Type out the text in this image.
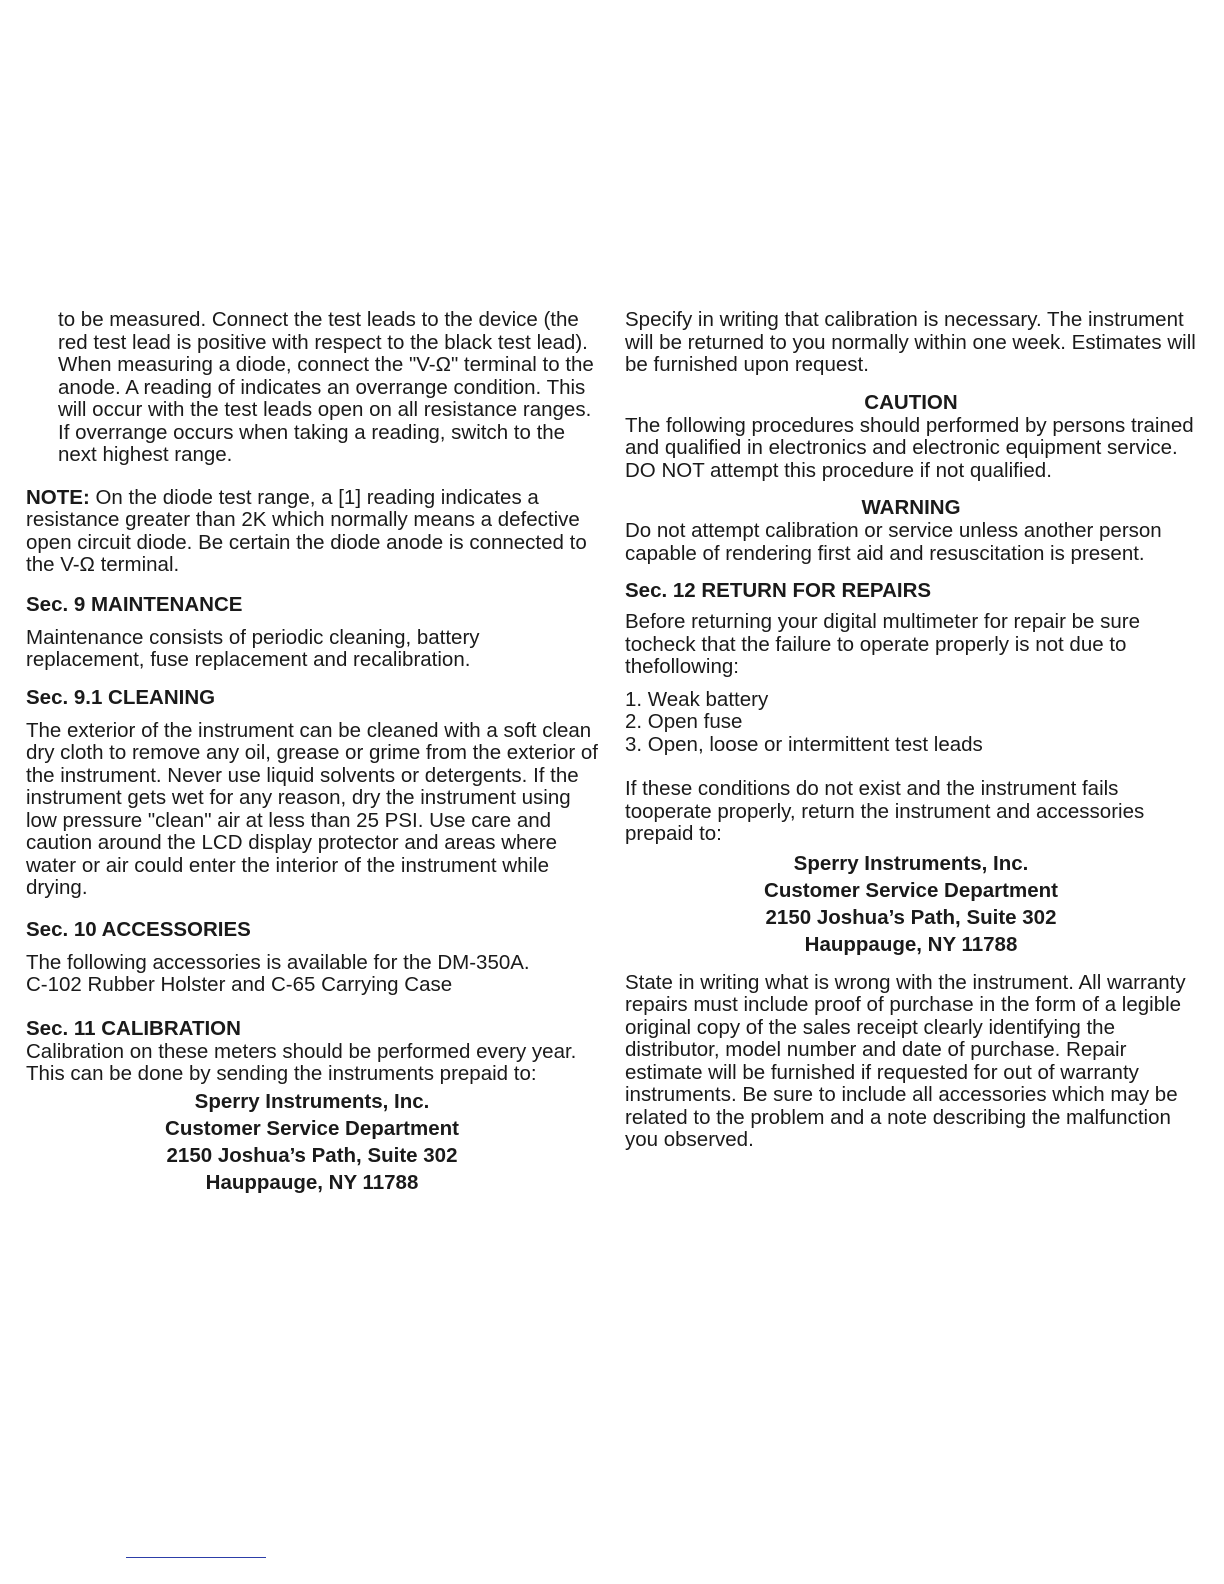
to be measured. Connect the test leads to the device (the red test lead is positive with respect to the black test lead). When measuring a diode, connect the "V-Ω" terminal to the anode. A reading of indicates an overrange condition. This will occur with the test leads open on all resistance ranges. If overrange occurs when taking a reading, switch to the next highest range.

NOTE: On the diode test range, a [1] reading indicates a resistance greater than 2K which normally means a defective open circuit diode. Be certain the diode anode is connected to the V-Ω terminal.

Sec. 9 MAINTENANCE

Maintenance consists of periodic cleaning, battery replacement, fuse replacement and recalibration.

Sec. 9.1 CLEANING

The exterior of the instrument can be cleaned with a soft clean dry cloth to remove any oil, grease or grime from the exterior of the instrument. Never use liquid solvents or detergents. If the instrument gets wet for any reason, dry the instrument using low pressure "clean" air at less than 25 PSI. Use care and caution around the LCD display protector and areas where water or air could enter the interior of the instrument while drying.

Sec. 10 ACCESSORIES

The following accessories is available for the DM-350A.

C-102 Rubber Holster and C-65 Carrying Case

Sec. 11 CALIBRATION

Calibration on these meters should be performed every year. This can be done by sending the instruments prepaid to:

Sperry Instruments, Inc.
Customer Service Department
2150 Joshua’s Path, Suite 302
Hauppauge, NY 11788

Specify in writing that calibration is necessary. The instrument will be returned to you normally within one week. Estimates will be furnished upon request.

CAUTION

The following procedures should performed by persons trained and qualified in electronics and electronic equipment service. DO NOT attempt this procedure if not qualified.

WARNING

Do not attempt calibration or service unless another person capable of rendering first aid and resuscitation is present.

Sec. 12 RETURN FOR REPAIRS

Before returning your digital multimeter for repair be sure tocheck that the failure to operate properly is not due to thefollowing:

1. Weak battery
2. Open fuse
3. Open, loose or intermittent test leads

If these conditions do not exist and the instrument fails tooperate properly, return the instrument and accessories prepaid to:

Sperry Instruments, Inc.
Customer Service Department
2150 Joshua’s Path, Suite 302
Hauppauge, NY 11788

State in writing what is wrong with the instrument. All warranty repairs must include proof of purchase in the form of a legible original copy of the sales receipt clearly identifying the distributor, model number and date of purchase. Repair estimate will be furnished if requested for out of warranty instruments. Be sure to include all accessories which may be related to the problem and a note describing the malfunction you observed.
